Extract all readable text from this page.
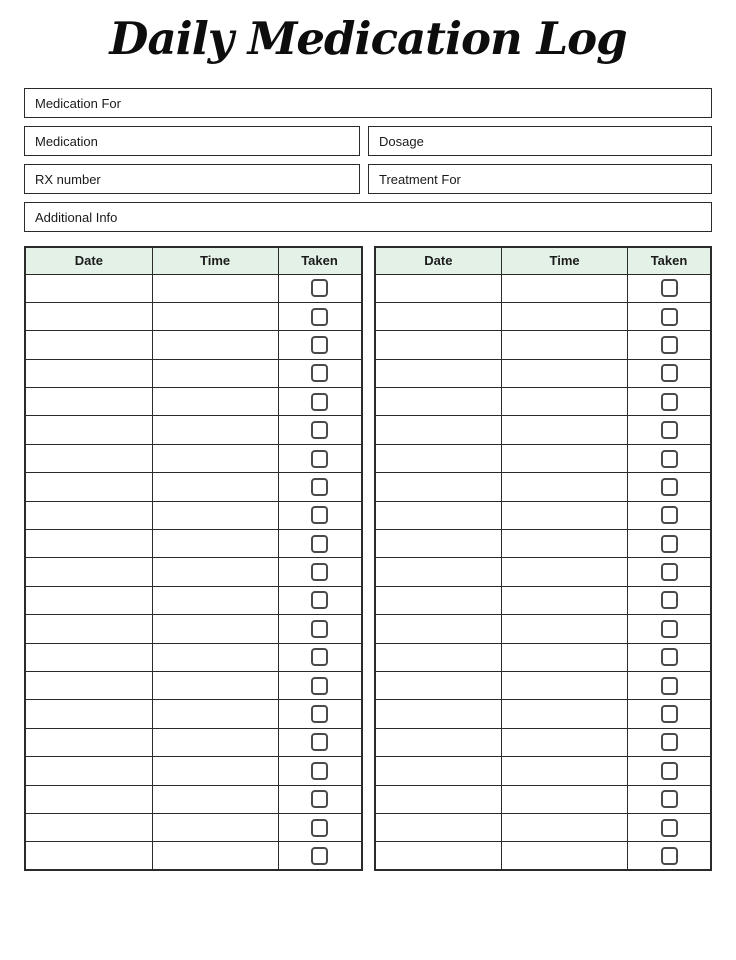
Daily Medication Log
Medication For
Medication	Dosage
RX number	Treatment For
Additional Info
Date	Time	Taken

			Date	Time	Taken
